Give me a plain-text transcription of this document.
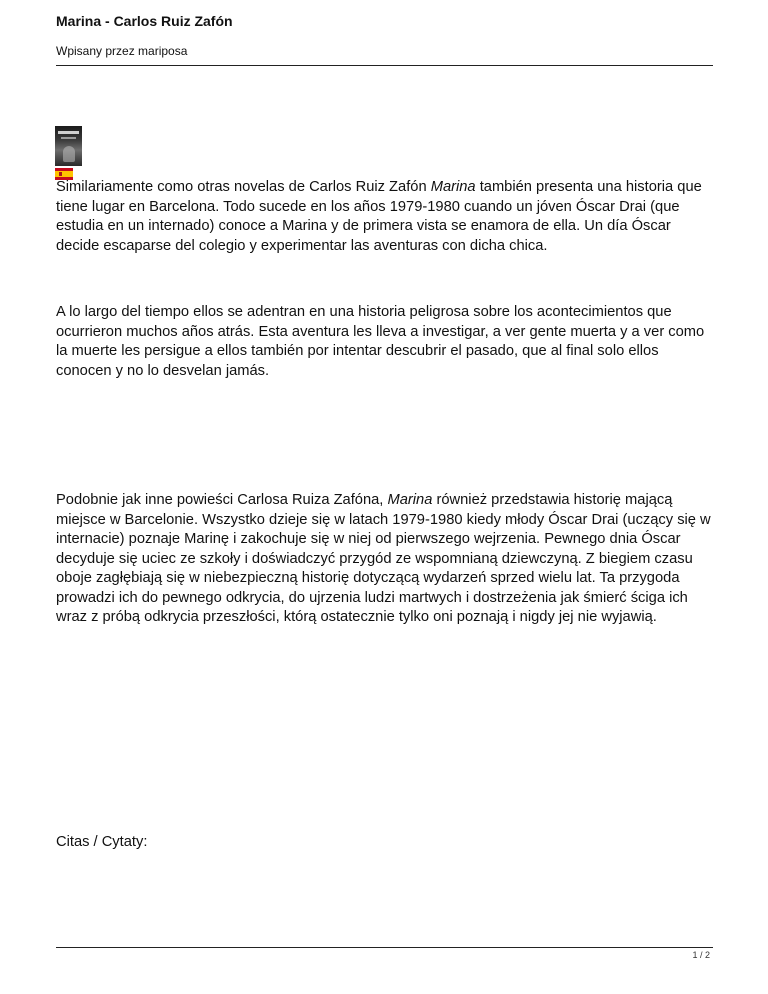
Marina - Carlos Ruiz Zafón

Wpisany przez mariposa

Similariamente como otras novelas de Carlos Ruiz Zafón Marina también presenta una historia que tiene lugar en Barcelona. Todo sucede en los años 1979-1980 cuando un jóven Óscar Drai (que estudia en un internado) conoce a Marina y de primera vista se enamora de ella. Un día Óscar decide escaparse del colegio y experimentar las aventuras con dicha chica.

A lo largo del tiempo ellos se adentran en una historia peligrosa sobre los acontecimientos que ocurrieron muchos años atrás. Esta aventura les lleva a investigar, a ver gente muerta y a ver como la muerte les persigue a ellos también por intentar descubrir el pasado, que al final solo ellos conocen y no lo desvelan jamás.

Podobnie jak inne powieści Carlosa Ruiza Zafóna, Marina również przedstawia historię mającą miejsce w Barcelonie. Wszystko dzieje się w latach 1979-1980 kiedy młody Óscar Drai (uczący się w internacie) poznaje Marinę i zakochuje się w niej od pierwszego wejrzenia. Pewnego dnia Óscar decyduje się uciec ze szkoły i doświadczyć przygód ze wspomnianą dziewczyną. Z biegiem czasu oboje zagłębiają się w niebezpieczną historię dotyczącą wydarzeń sprzed wielu lat. Ta przygoda prowadzi ich do pewnego odkrycia, do ujrzenia ludzi martwych i dostrzeżenia jak śmierć ściga ich wraz z próbą odkrycia przeszłości, którą ostatecznie tylko oni poznają i nigdy jej nie wyjawią.

Citas / Cytaty:

1 / 2
